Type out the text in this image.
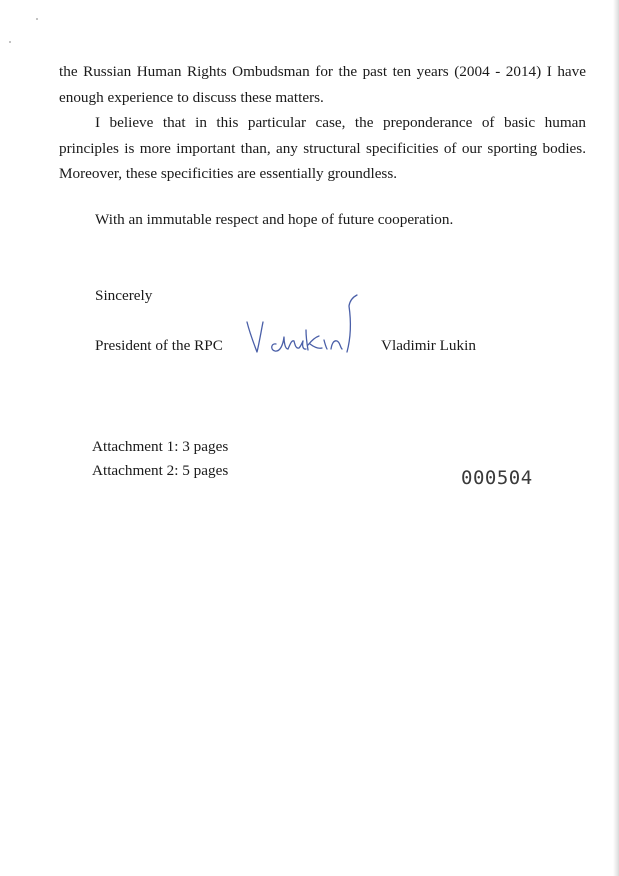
the Russian Human Rights Ombudsman for the past ten years (2004 - 2014) I have enough experience to discuss these matters.

I believe that in this particular case, the preponderance of basic human principles is more important than, any structural specificities of our sporting bodies. Moreover, these specificities are essentially groundless.

With an immutable respect and hope of future cooperation.

Sincerely

President of the RPC	Vladimir Lukin

Attachment 1: 3 pages

Attachment 2: 5 pages	000504
